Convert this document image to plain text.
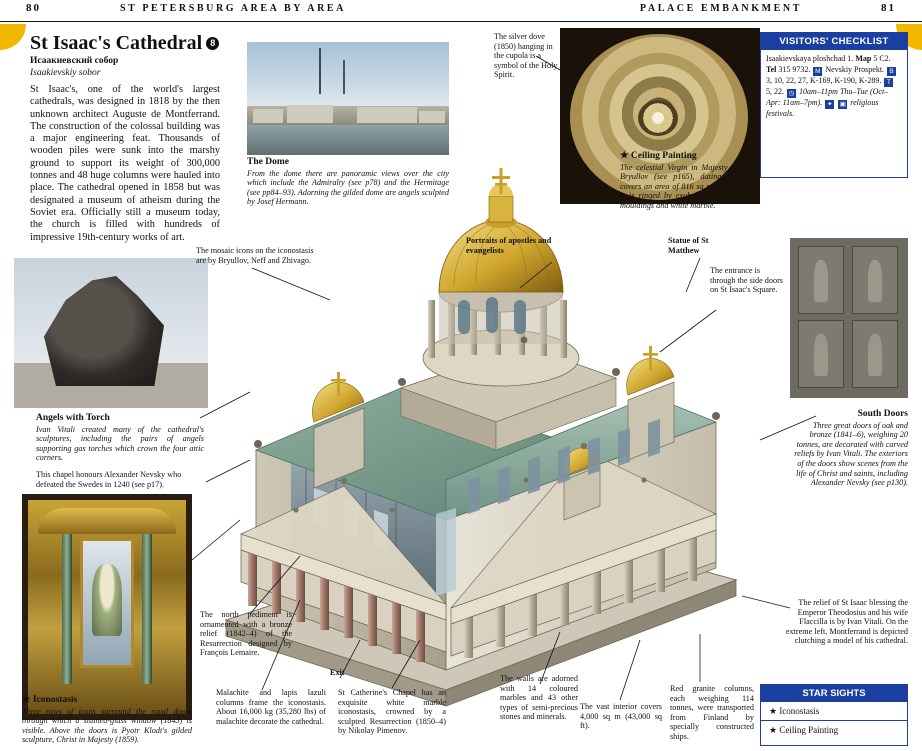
80	ST PETERSBURG AREA BY AREA	PALACE EMBANKMENT	81
St Isaac's Cathedral 8
Исаакиевский собор
Isaakievskiy sobor
St Isaac's, one of the world's largest cathedrals, was designed in 1818 by the then unknown architect Auguste de Montferrand. The construction of the colossal building was a major engineering feat. Thousands of wooden piles were sunk into the marshy ground to support its weight of 300,000 tonnes and 48 huge columns were hauled into place. The cathedral opened in 1858 but was designated a museum of atheism during the Soviet era. Officially still a museum today, the church is filled with hundreds of impressive 19th-century works of art.
The Dome
From the dome there are panoramic views over the city which include the Admiralty (see p78) and the Hermitage (see pp84–93). Adorning the gilded dome are angels sculpted by Josef Hermann.
The silver dove (1850) hanging in the cupola is a symbol of the Holy Spirit.
★ Ceiling Painting
The celestial Virgin in Majesty by Karl Bryullov (see p165), dating to 1847, covers an area of 816 sq m (8,780 sq ft). It is ringed by exuberant gilded stucco mouldings and white marble.
The mosaic icons on the iconostasis are by Bryullov, Neff and Zhivago.
Portraits of apostles and evangelists
Statue of St Matthew
The entrance is through the side doors on St Isaac's Square.
Angels with Torch
Ivan Vitali created many of the cathedral's sculptures, including the pairs of angels supporting gas torches which crown the four attic corners.
This chapel honours Alexander Nevsky who defeated the Swedes in 1240 (see p17).
South Doors
Three great doors of oak and bronze (1841–6), weighing 20 tonnes, are decorated with carved reliefs by Ivan Vitali. The exteriors of the doors show scenes from the life of Christ and saints, including Alexander Nevsky (see p130).
The relief of St Isaac blessing the Emperor Theodosius and his wife Flaccilla is by Ivan Vitali. On the extreme left, Montferrand is depicted clutching a model of his cathedral.
★ Iconostasis
Three rows of icons surround the royal doors through which a stained-glass window (1843) is visible. Above the doors is Pyotr Klodt's gilded sculpture, Christ in Majesty (1859).
The north pediment is ornamented with a bronze relief (1842–4) of the Resurrection designed by François Lemaire.
Malachite and lapis lazuli columns frame the iconostasis. About 16,000 kg (35,280 lbs) of malachite decorate the cathedral.
Exit
St Catherine's Chapel has an exquisite white marble iconostasis, crowned by a sculpted Resurrection (1850–4) by Nikolay Pimenov.
The walls are adorned with 14 coloured marbles and 43 other types of semi-precious stones and minerals.
The vast interior covers 4,000 sq m (43,000 sq ft).
Red granite columns, each weighing 114 tonnes, were transported from Finland by specially constructed ships.
VISITORS' CHECKLIST
Isaakievskaya ploshchad 1. Map 5 C2. Tel 315 9732. M Nevskiy Prospekt. B 3, 10, 22, 27, K-169, K-190, K-289. T 5, 22. ◷ 10am–11pm Thu–Tue (Oct–Apr: 11am–7pm). ✦ ▣ religious festivals.
STAR SIGHTS
★ Iconostasis
★ Ceiling Painting
